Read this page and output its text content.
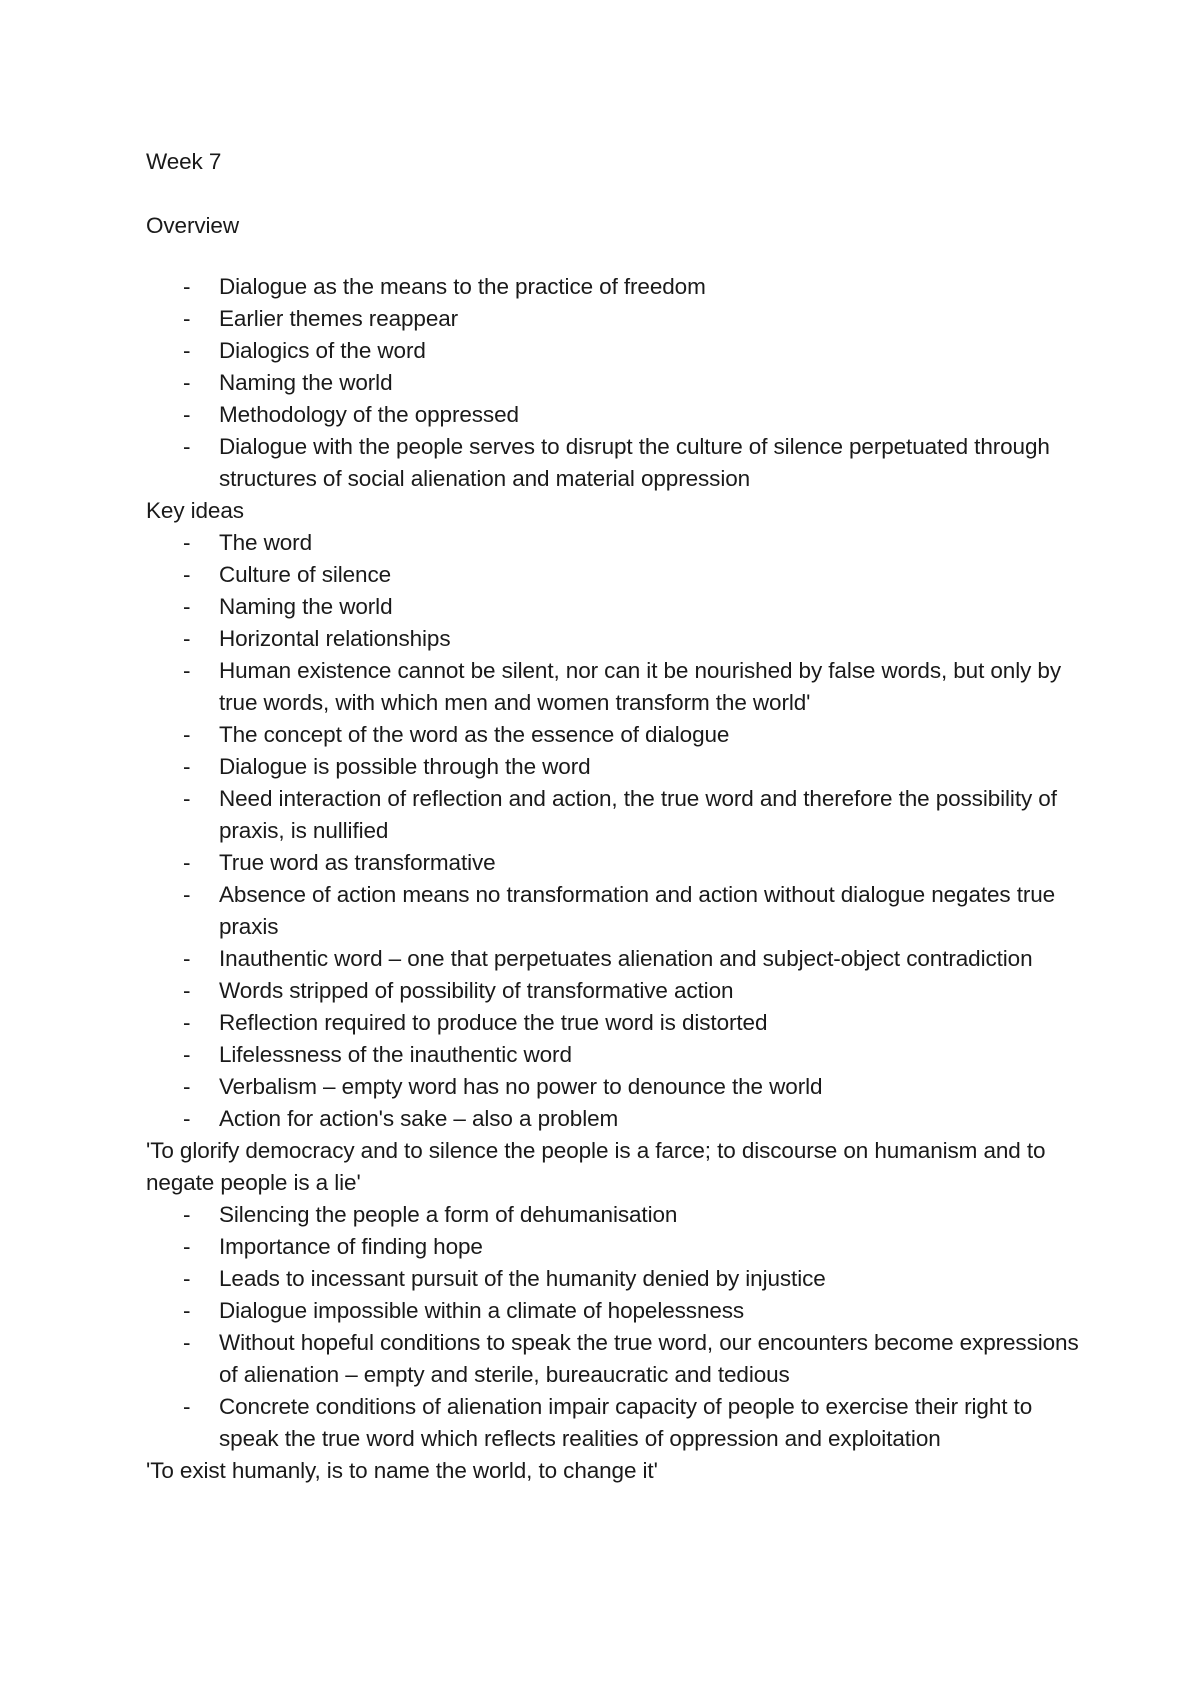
Week 7

Overview

- Dialogue as the means to the practice of freedom
- Earlier themes reappear
- Dialogics of the word
- Naming the world
- Methodology of the oppressed
- Dialogue with the people serves to disrupt the culture of silence perpetuated through structures of social alienation and material oppression

Key ideas

- The word
- Culture of silence
- Naming the world
- Horizontal relationships
- Human existence cannot be silent, nor can it be nourished by false words, but only by true words, with which men and women transform the world'
- The concept of the word as the essence of dialogue
- Dialogue is possible through the word
- Need interaction of reflection and action, the true word and therefore the possibility of praxis, is nullified
- True word as transformative
- Absence of action means no transformation and action without dialogue negates true praxis
- Inauthentic word – one that perpetuates alienation and subject-object contradiction
- Words stripped of possibility of transformative action
- Reflection required to produce the true word is distorted
- Lifelessness of the inauthentic word
- Verbalism – empty word has no power to denounce the world
- Action for action's sake – also a problem

'To glorify democracy and to silence the people is a farce; to discourse on humanism and to negate people is a lie'

- Silencing the people a form of dehumanisation
- Importance of finding hope
- Leads to incessant pursuit of the humanity denied by injustice
- Dialogue impossible within a climate of hopelessness
- Without hopeful conditions to speak the true word, our encounters become expressions of alienation – empty and sterile, bureaucratic and tedious
- Concrete conditions of alienation impair capacity of people to exercise their right to speak the true word which reflects realities of oppression and exploitation

'To exist humanly, is to name the world, to change it'
